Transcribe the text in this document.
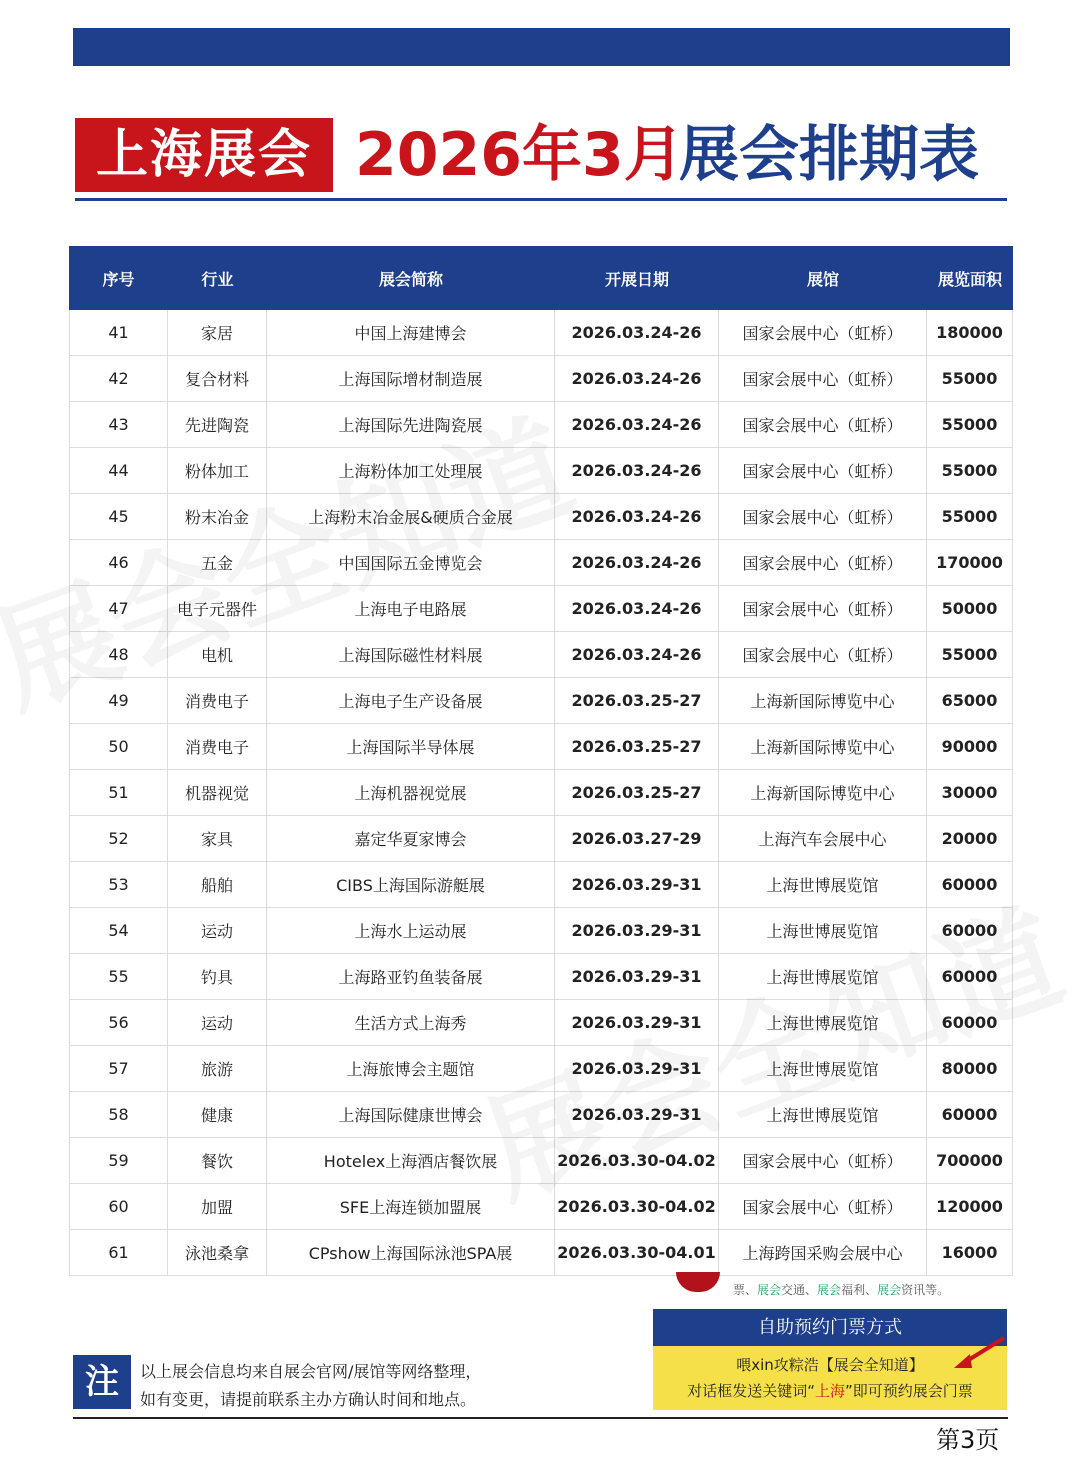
上海展会 2026年3月
展会排期表
序号	行业	展会简称	开展日期	展馆	展览面积
41	家居	中国上海建博会	2026.03.24-26	国家会展中心（虹桥）	180000
42	复合材料	上海国际增材制造展	2026.03.24-26	国家会展中心（虹桥）	55000
43	先进陶瓷	上海国际先进陶瓷展	2026.03.24-26	国家会展中心（虹桥）	55000
44	粉体加工	上海粉体加工处理展	2026.03.24-26	国家会展中心（虹桥）	55000
45	粉末冶金	上海粉末冶金展&硬质合金展	2026.03.24-26	国家会展中心（虹桥）	55000
46	五金	中国国际五金博览会	2026.03.24-26	国家会展中心（虹桥）	170000
47	电子元器件	上海电子电路展	2026.03.24-26	国家会展中心（虹桥）	50000
48	电机	上海国际磁性材料展	2026.03.24-26	国家会展中心（虹桥）	55000
49	消费电子	上海电子生产设备展	2026.03.25-27	上海新国际博览中心	65000
50	消费电子	上海国际半导体展	2026.03.25-27	上海新国际博览中心	90000
51	机器视觉	上海机器视觉展	2026.03.25-27	上海新国际博览中心	30000
52	家具	嘉定华夏家博会	2026.03.27-29	上海汽车会展中心	20000
53	船舶	CIBS上海国际游艇展	2026.03.29-31	上海世博展览馆	60000
54	运动	上海水上运动展	2026.03.29-31	上海世博展览馆	60000
55	钓具	上海路亚钓鱼装备展	2026.03.29-31	上海世博展览馆	60000
56	运动	生活方式上海秀	2026.03.29-31	上海世博展览馆	60000
57	旅游	上海旅博会主题馆	2026.03.29-31	上海世博展览馆	80000
58	健康	上海国际健康世博会	2026.03.29-31	上海世博展览馆	60000
59	餐饮	Hotelex上海酒店餐饮展	2026.03.30-04.02	国家会展中心（虹桥）	700000
60	加盟	SFE上海连锁加盟展	2026.03.30-04.02	国家会展中心（虹桥）	120000
61	泳池桑拿	CPshow上海国际泳池SPA展	2026.03.30-04.01	上海跨国采购会展中心	16000
注	以上展会信息均来自展会官网/展馆等网络整理，
如有变更，请提前联系主办方确认时间和地点。
票、展会交通、展会福利、展会资讯等。
自助预约门票方式
喂xin攻粽浩【展会全知道】
对话框发送关键词“上海”即可预约展会门票
第3页
